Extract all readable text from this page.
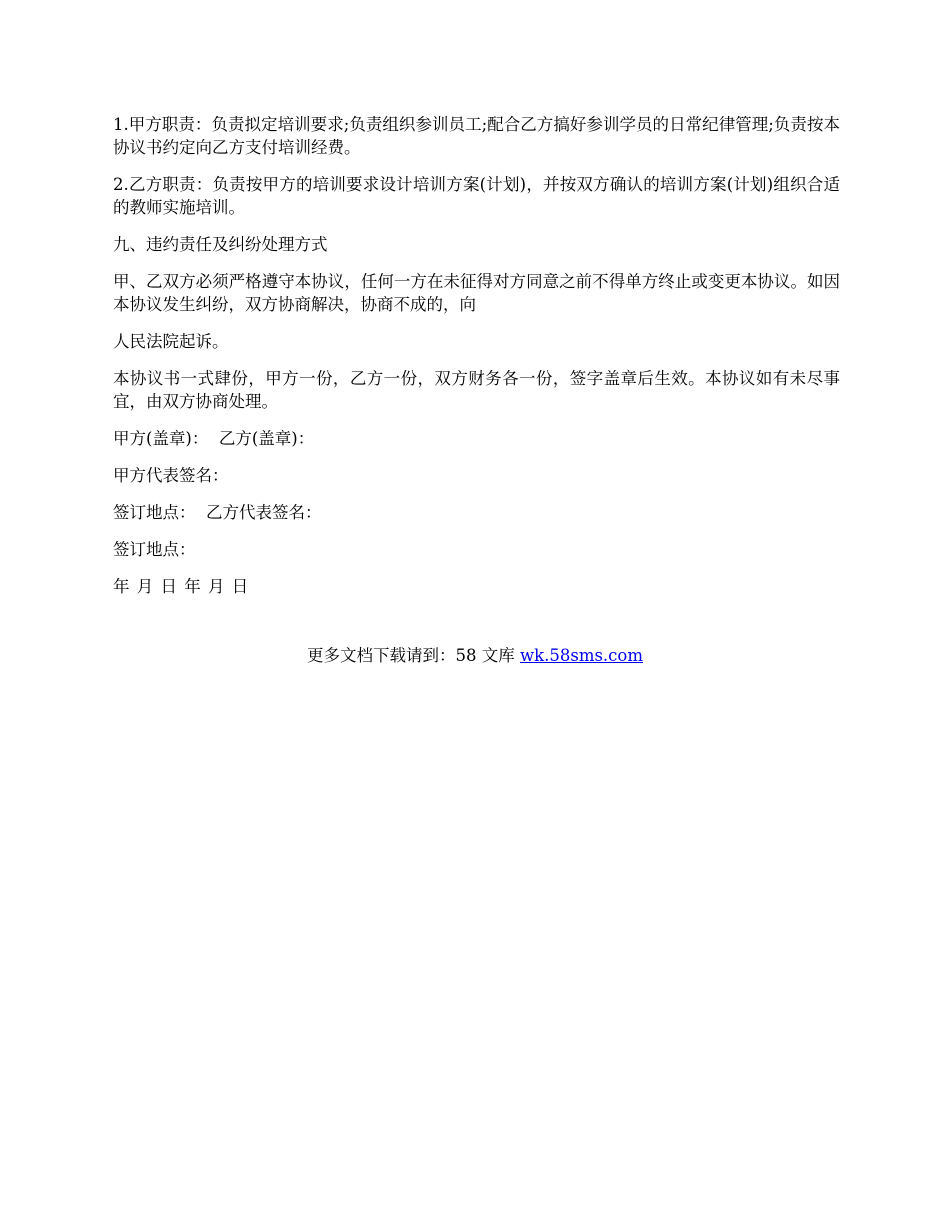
1.甲方职责：负责拟定培训要求;负责组织参训员工;配合乙方搞好参训学员的日常纪律管理;负责按本协议书约定向乙方支付培训经费。

2.乙方职责：负责按甲方的培训要求设计培训方案(计划)，并按双方确认的培训方案(计划)组织合适的教师实施培训。

九、违约责任及纠纷处理方式

甲、乙双方必须严格遵守本协议，任何一方在未征得对方同意之前不得单方终止或变更本协议。如因本协议发生纠纷，双方协商解决，协商不成的，向

人民法院起诉。

本协议书一式肆份，甲方一份，乙方一份，双方财务各一份，签字盖章后生效。本协议如有未尽事宜，由双方协商处理。

甲方(盖章)：  乙方(盖章)：

甲方代表签名：

签订地点：  乙方代表签名：

签订地点：

年 月 日 年 月 日

更多文档下载请到：58 文库 wk.58sms.com
